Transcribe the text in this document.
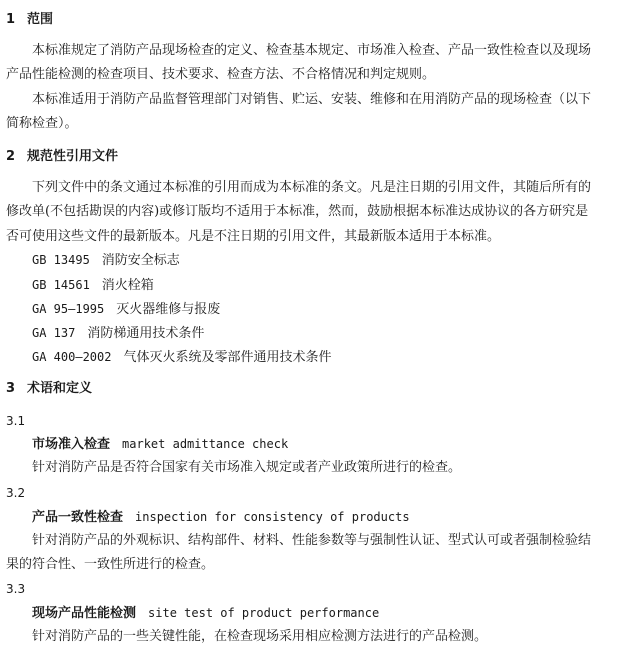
1 范围
本标准规定了消防产品现场检查的定义、检查基本规定、市场准入检查、产品一致性检查以及现场
产品性能检测的检查项目、技术要求、检查方法、不合格情况和判定规则。
本标准适用于消防产品监督管理部门对销售、贮运、安装、维修和在用消防产品的现场检查（以下
简称检查）。
2 规范性引用文件
下列文件中的条文通过本标准的引用而成为本标准的条文。凡是注日期的引用文件，其随后所有的
修改单(不包括勘误的内容)或修订版均不适用于本标准，然而，鼓励根据本标准达成协议的各方研究是
否可使用这些文件的最新版本。凡是不注日期的引用文件，其最新版本适用于本标准。
GB 13495 消防安全标志
GB 14561 消火栓箱
GA 95—1995 灭火器维修与报废
GA 137 消防梯通用技术条件
GA 400—2002 气体灭火系统及零部件通用技术条件
3 术语和定义
3.1
市场准入检查 market admittance check
针对消防产品是否符合国家有关市场准入规定或者产业政策所进行的检查。
3.2
产品一致性检查 inspection for consistency of products
针对消防产品的外观标识、结构部件、材料、性能参数等与强制性认证、型式认可或者强制检验结
果的符合性、一致性所进行的检查。
3.3
现场产品性能检测 site test of product performance
针对消防产品的一些关键性能，在检查现场采用相应检测方法进行的产品检测。
